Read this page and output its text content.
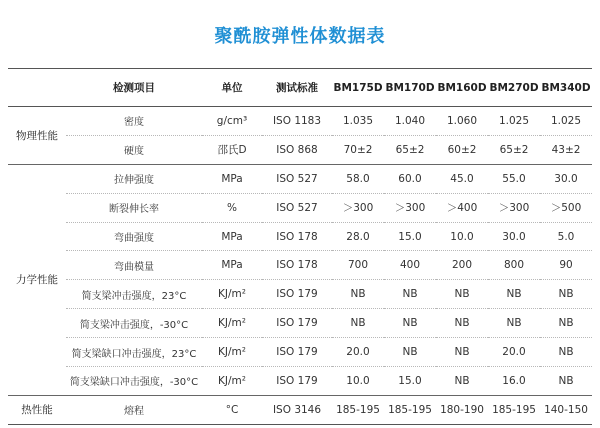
聚酰胺弹性体数据表
	检测项目	单位	测试标准	BM175D	BM170D	BM160D	BM270D	BM340D
物理性能	密度	g/cm³	ISO 1183	1.035	1.040	1.060	1.025	1.025
	硬度	邵氏D	ISO 868	70±2	65±2	60±2	65±2	43±2
力学性能	拉伸强度	MPa	ISO 527	58.0	60.0	45.0	55.0	30.0
	断裂伸长率	%	ISO 527	＞300	＞300	＞400	＞300	＞500
	弯曲强度	MPa	ISO 178	28.0	15.0	10.0	30.0	5.0
	弯曲模量	MPa	ISO 178	700	400	200	800	90
	简支梁冲击强度，23°C	KJ/m²	ISO 179	NB	NB	NB	NB	NB
	简支梁冲击强度，-30°C	KJ/m²	ISO 179	NB	NB	NB	NB	NB
	简支梁缺口冲击强度，23°C	KJ/m²	ISO 179	20.0	NB	NB	20.0	NB
	简支梁缺口冲击强度，-30°C	KJ/m²	ISO 179	10.0	15.0	NB	16.0	NB
热性能	熔程	°C	ISO 3146	185-195	185-195	180-190	185-195	140-150
